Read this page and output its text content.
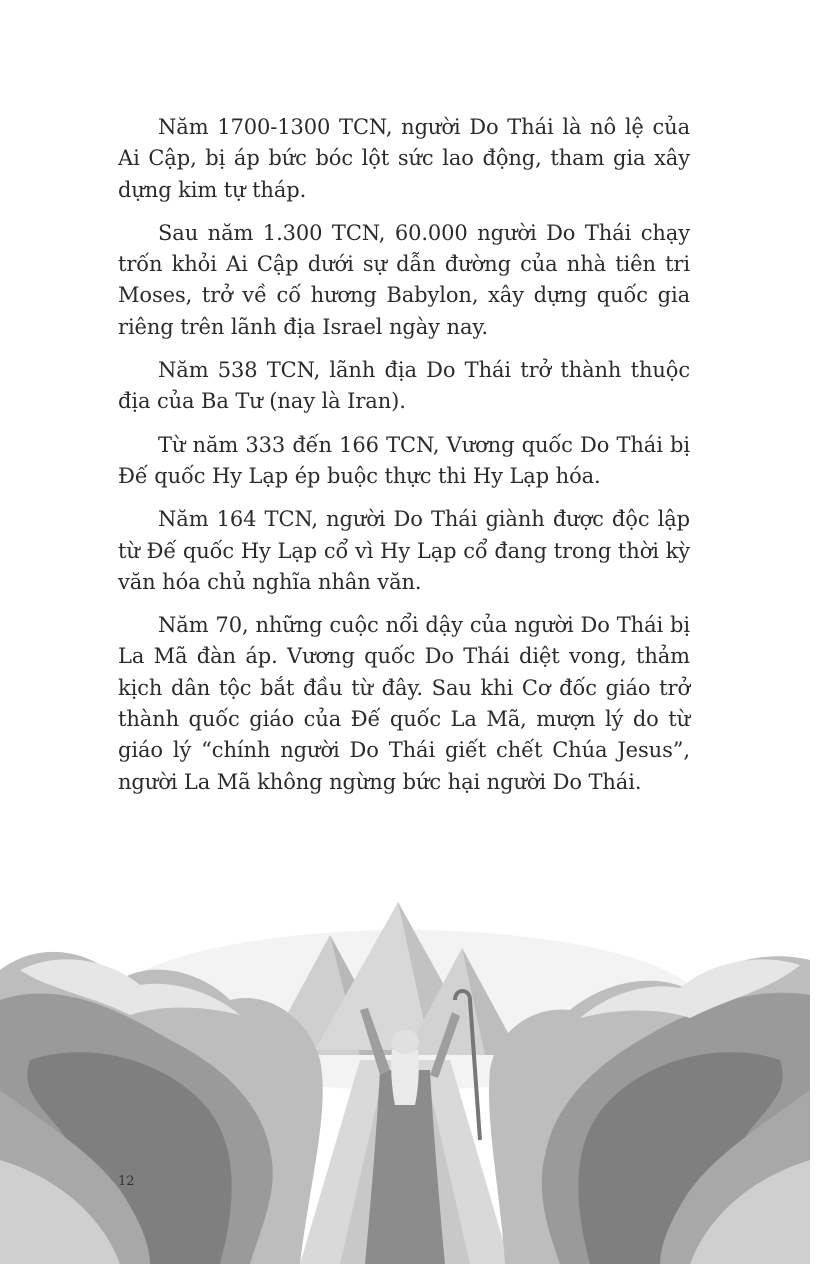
Năm 1700-1300 TCN, người Do Thái là nô lệ của Ai Cập, bị áp bức bóc lột sức lao động, tham gia xây dựng kim tự tháp.

Sau năm 1.300 TCN, 60.000 người Do Thái chạy trốn khỏi Ai Cập dưới sự dẫn đường của nhà tiên tri Moses, trở về cố hương Babylon, xây dựng quốc gia riêng trên lãnh địa Israel ngày nay.

Năm 538 TCN, lãnh địa Do Thái trở thành thuộc địa của Ba Tư (nay là Iran).

Từ năm 333 đến 166 TCN, Vương quốc Do Thái bị Đế quốc Hy Lạp ép buộc thực thi Hy Lạp hóa.

Năm 164 TCN, người Do Thái giành được độc lập từ Đế quốc Hy Lạp cổ vì Hy Lạp cổ đang trong thời kỳ văn hóa chủ nghĩa nhân văn.

Năm 70, những cuộc nổi dậy của người Do Thái bị La Mã đàn áp. Vương quốc Do Thái diệt vong, thảm kịch dân tộc bắt đầu từ đây. Sau khi Cơ đốc giáo trở thành quốc giáo của Đế quốc La Mã, mượn lý do từ giáo lý “chính người Do Thái giết chết Chúa Jesus”, người La Mã không ngừng bức hại người Do Thái.

12
